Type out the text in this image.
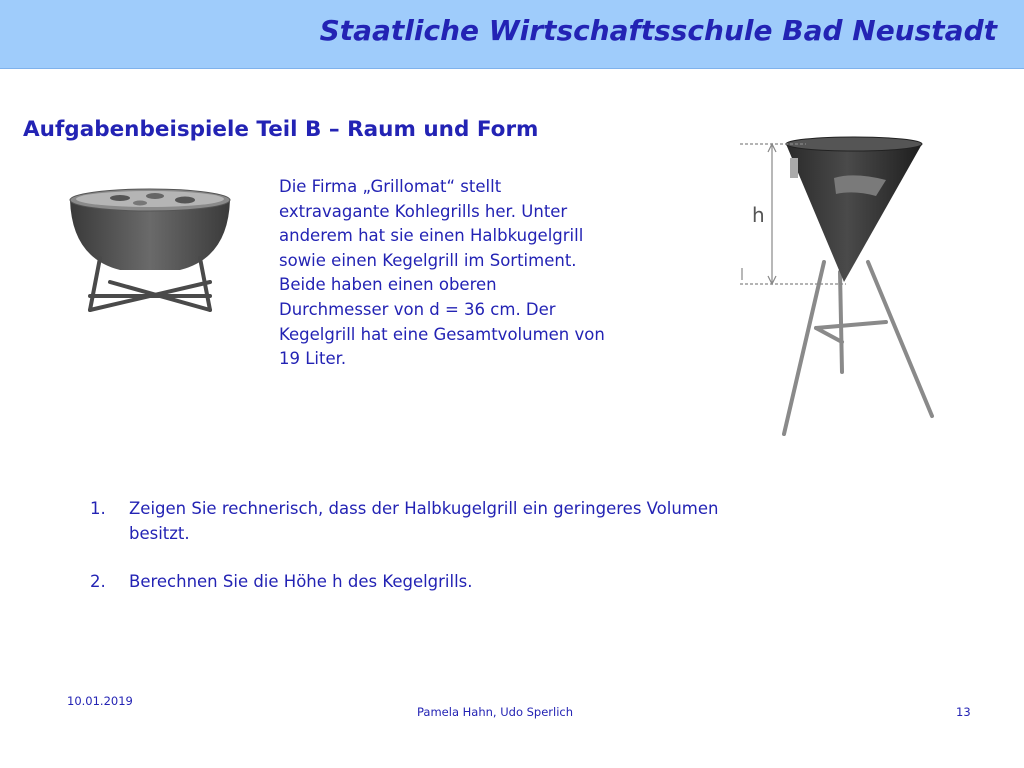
Staatliche Wirtschaftsschule Bad Neustadt
Aufgabenbeispiele Teil B – Raum und Form
Die Firma „Grillomat“ stellt
extravagante Kohlegrills her. Unter
anderem hat sie einen Halbkugelgrill
sowie einen Kegelgrill im Sortiment.
Beide haben einen oberen
Durchmesser von d = 36 cm. Der
Kegelgrill hat eine Gesamtvolumen von
19 Liter.
h
1. Zeigen Sie rechnerisch, dass der Halbkugelgrill ein geringeres Volumen
besitzt.
2. Berechnen Sie die Höhe h des Kegelgrills.
10.01.2019
Pamela Hahn, Udo Sperlich	13
